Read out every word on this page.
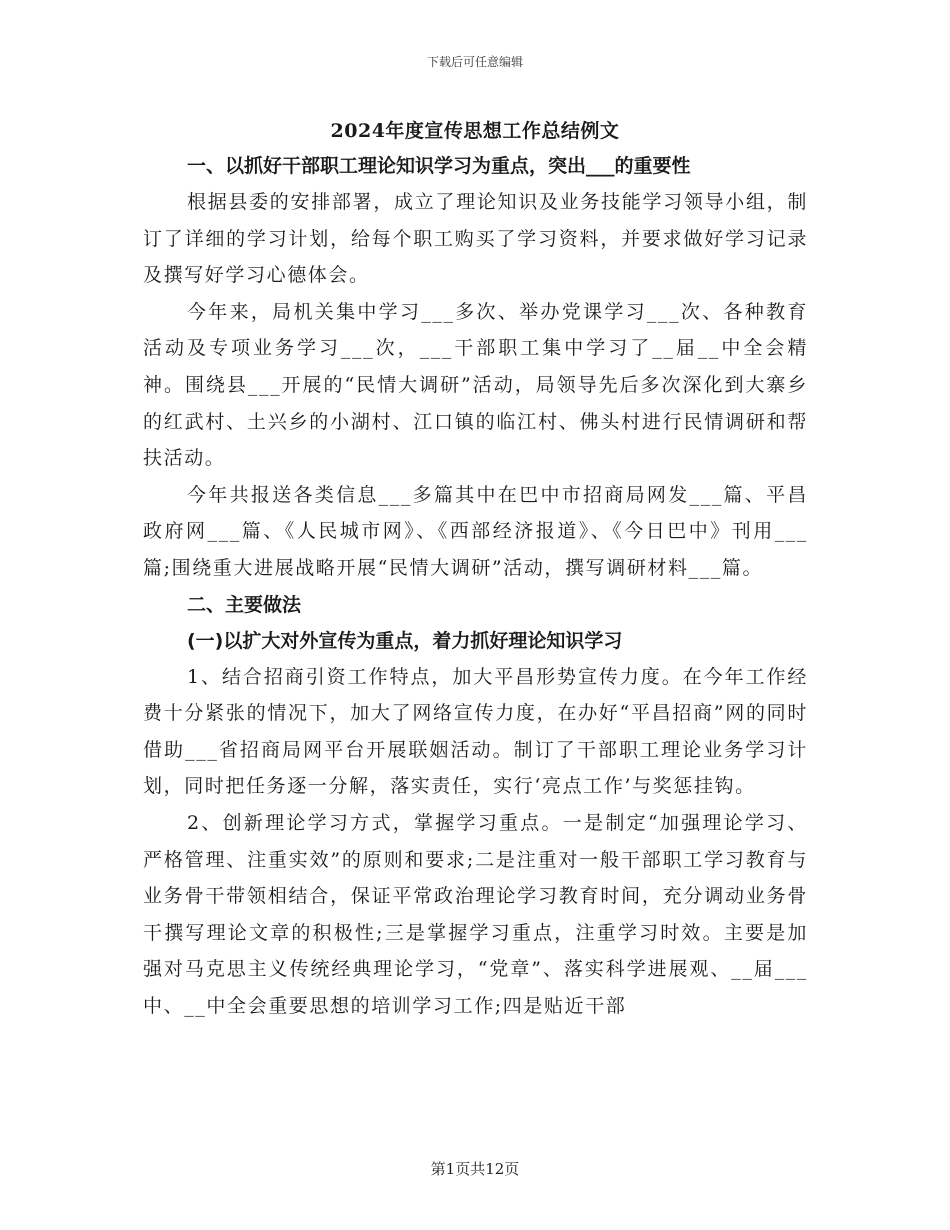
下载后可任意编辑
2024年度宣传思想工作总结例文

一、以抓好干部职工理论知识学习为重点，突出___的重要性

根据县委的安排部署，成立了理论知识及业务技能学习领导小组，制订了详细的学习计划，给每个职工购买了学习资料，并要求做好学习记录及撰写好学习心德体会。

今年来，局机关集中学习___多次、举办党课学习___次、各种教育活动及专项业务学习___次，___干部职工集中学习了__届__中全会精神。围绕县___开展的“民情大调研”活动，局领导先后多次深化到大寨乡的红武村、土兴乡的小湖村、江口镇的临江村、佛头村进行民情调研和帮扶活动。

今年共报送各类信息___多篇其中在巴中市招商局网发___篇、平昌政府网___篇、《人民城市网》、《西部经济报道》、《今日巴中》刊用___篇;围绕重大进展战略开展“民情大调研”活动，撰写调研材料___篇。

二、主要做法

(一)以扩大对外宣传为重点，着力抓好理论知识学习

1、结合招商引资工作特点，加大平昌形势宣传力度。在今年工作经费十分紧张的情况下，加大了网络宣传力度，在办好“平昌招商”网的同时借助___省招商局网平台开展联姻活动。制订了干部职工理论业务学习计划，同时把任务逐一分解，落实责任，实行‘亮点工作’与奖惩挂钩。

2、创新理论学习方式，掌握学习重点。一是制定“加强理论学习、严格管理、注重实效”的原则和要求;二是注重对一般干部职工学习教育与业务骨干带领相结合，保证平常政治理论学习教育时间，充分调动业务骨干撰写理论文章的积极性;三是掌握学习重点，注重学习时效。主要是加强对马克思主义传统经典理论学习，“党章”、落实科学进展观、__届___中、__中全会重要思想的培训学习工作;四是贴近干部

第1页共12页
